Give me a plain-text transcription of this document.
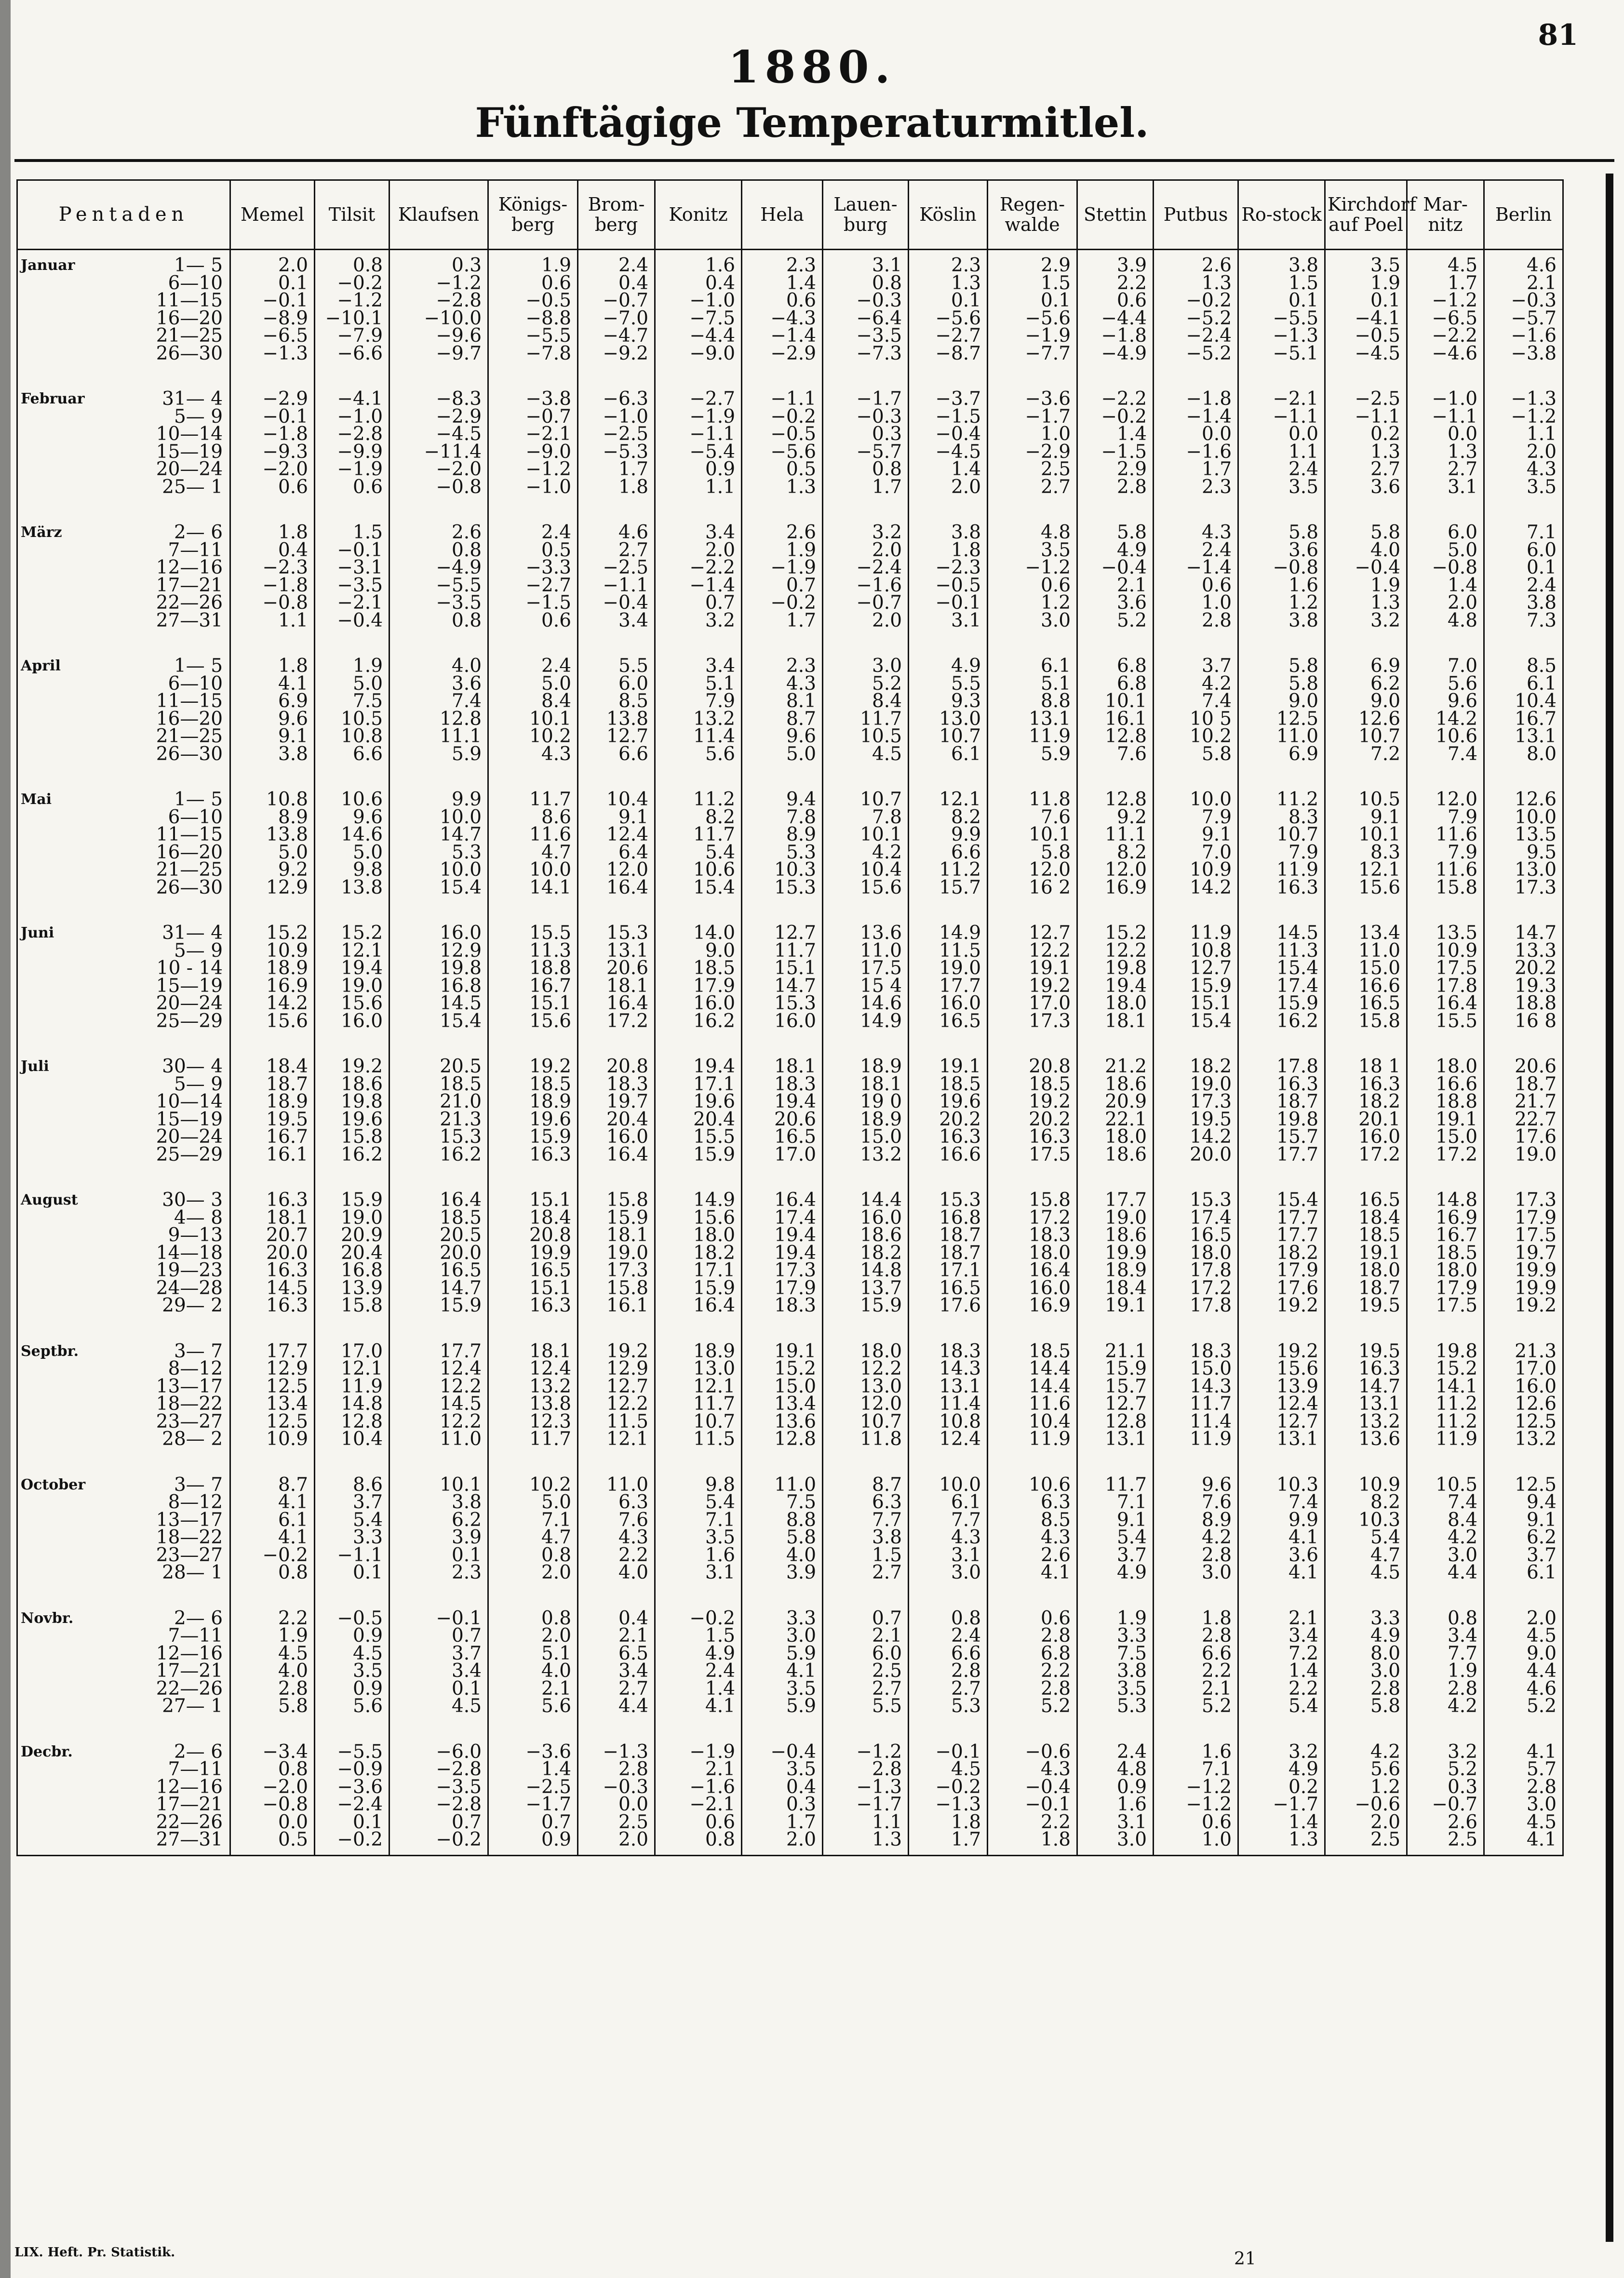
81
1880.
Fünftägige Temperaturmitlel.
Pentaden		Memel	Tilsit	Klaufsen	Königs-berg	Brom-berg	Konitz	Hela	Lauen-burg	Köslin	Regen-walde	Stettin	Putbus	Ro-stock	Kirchdorf auf Poel	Mar-nitz	Berlin
Januar	1— 5	2.0	0.8	0.3	1.9	2.4	1.6	2.3	3.1	2.3	2.9	3.9	2.6	3.8	3.5	4.5	4.6
	6—10	0.1	−0.2	−1.2	0.6	0.4	0.4	1.4	0.8	1.3	1.5	2.2	1.3	1.5	1.9	1.7	2.1
	11—15	−0.1	−1.2	−2.8	−0.5	−0.7	−1.0	0.6	−0.3	0.1	0.1	0.6	−0.2	0.1	0.1	−1.2	−0.3
	16—20	−8.9	−10.1	−10.0	−8.8	−7.0	−7.5	−4.3	−6.4	−5.6	−5.6	−4.4	−5.2	−5.5	−4.1	−6.5	−5.7
	21—25	−6.5	−7.9	−9.6	−5.5	−4.7	−4.4	−1.4	−3.5	−2.7	−1.9	−1.8	−2.4	−1.3	−0.5	−2.2	−1.6
	26—30	−1.3	−6.6	−9.7	−7.8	−9.2	−9.0	−2.9	−7.3	−8.7	−7.7	−4.9	−5.2	−5.1	−4.5	−4.6	−3.8
Februar	31— 4	−2.9	−4.1	−8.3	−3.8	−6.3	−2.7	−1.1	−1.7	−3.7	−3.6	−2.2	−1.8	−2.1	−2.5	−1.0	−1.3
	5— 9	−0.1	−1.0	−2.9	−0.7	−1.0	−1.9	−0.2	−0.3	−1.5	−1.7	−0.2	−1.4	−1.1	−1.1	−1.1	−1.2
	10—14	−1.8	−2.8	−4.5	−2.1	−2.5	−1.1	−0.5	0.3	−0.4	1.0	1.4	0.0	0.0	0.2	0.0	1.1
	15—19	−9.3	−9.9	−11.4	−9.0	−5.3	−5.4	−5.6	−5.7	−4.5	−2.9	−1.5	−1.6	1.1	1.3	1.3	2.0
	20—24	−2.0	−1.9	−2.0	−1.2	1.7	0.9	0.5	0.8	1.4	2.5	2.9	1.7	2.4	2.7	2.7	4.3
	25— 1	0.6	0.6	−0.8	−1.0	1.8	1.1	1.3	1.7	2.0	2.7	2.8	2.3	3.5	3.6	3.1	3.5
März	2— 6	1.8	1.5	2.6	2.4	4.6	3.4	2.6	3.2	3.8	4.8	5.8	4.3	5.8	5.8	6.0	7.1
	7—11	0.4	−0.1	0.8	0.5	2.7	2.0	1.9	2.0	1.8	3.5	4.9	2.4	3.6	4.0	5.0	6.0
	12—16	−2.3	−3.1	−4.9	−3.3	−2.5	−2.2	−1.9	−2.4	−2.3	−1.2	−0.4	−1.4	−0.8	−0.4	−0.8	0.1
	17—21	−1.8	−3.5	−5.5	−2.7	−1.1	−1.4	0.7	−1.6	−0.5	0.6	2.1	0.6	1.6	1.9	1.4	2.4
	22—26	−0.8	−2.1	−3.5	−1.5	−0.4	0.7	−0.2	−0.7	−0.1	1.2	3.6	1.0	1.2	1.3	2.0	3.8
	27—31	1.1	−0.4	0.8	0.6	3.4	3.2	1.7	2.0	3.1	3.0	5.2	2.8	3.8	3.2	4.8	7.3
April	1— 5	1.8	1.9	4.0	2.4	5.5	3.4	2.3	3.0	4.9	6.1	6.8	3.7	5.8	6.9	7.0	8.5
	6—10	4.1	5.0	3.6	5.0	6.0	5.1	4.3	5.2	5.5	5.1	6.8	4.2	5.8	6.2	5.6	6.1
	11—15	6.9	7.5	7.4	8.4	8.5	7.9	8.1	8.4	9.3	8.8	10.1	7.4	9.0	9.0	9.6	10.4
	16—20	9.6	10.5	12.8	10.1	13.8	13.2	8.7	11.7	13.0	13.1	16.1	10 5	12.5	12.6	14.2	16.7
	21—25	9.1	10.8	11.1	10.2	12.7	11.4	9.6	10.5	10.7	11.9	12.8	10.2	11.0	10.7	10.6	13.1
	26—30	3.8	6.6	5.9	4.3	6.6	5.6	5.0	4.5	6.1	5.9	7.6	5.8	6.9	7.2	7.4	8.0
Mai	1— 5	10.8	10.6	9.9	11.7	10.4	11.2	9.4	10.7	12.1	11.8	12.8	10.0	11.2	10.5	12.0	12.6
	6—10	8.9	9.6	10.0	8.6	9.1	8.2	7.8	7.8	8.2	7.6	9.2	7.9	8.3	9.1	7.9	10.0
	11—15	13.8	14.6	14.7	11.6	12.4	11.7	8.9	10.1	9.9	10.1	11.1	9.1	10.7	10.1	11.6	13.5
	16—20	5.0	5.0	5.3	4.7	6.4	5.4	5.3	4.2	6.6	5.8	8.2	7.0	7.9	8.3	7.9	9.5
	21—25	9.2	9.8	10.0	10.0	12.0	10.6	10.3	10.4	11.2	12.0	12.0	10.9	11.9	12.1	11.6	13.0
	26—30	12.9	13.8	15.4	14.1	16.4	15.4	15.3	15.6	15.7	16 2	16.9	14.2	16.3	15.6	15.8	17.3
Juni	31— 4	15.2	15.2	16.0	15.5	15.3	14.0	12.7	13.6	14.9	12.7	15.2	11.9	14.5	13.4	13.5	14.7
	5— 9	10.9	12.1	12.9	11.3	13.1	9.0	11.7	11.0	11.5	12.2	12.2	10.8	11.3	11.0	10.9	13.3
	10 - 14	18.9	19.4	19.8	18.8	20.6	18.5	15.1	17.5	19.0	19.1	19.8	12.7	15.4	15.0	17.5	20.2
	15—19	16.9	19.0	16.8	16.7	18.1	17.9	14.7	15 4	17.7	19.2	19.4	15.9	17.4	16.6	17.8	19.3
	20—24	14.2	15.6	14.5	15.1	16.4	16.0	15.3	14.6	16.0	17.0	18.0	15.1	15.9	16.5	16.4	18.8
	25—29	15.6	16.0	15.4	15.6	17.2	16.2	16.0	14.9	16.5	17.3	18.1	15.4	16.2	15.8	15.5	16 8
Juli	30— 4	18.4	19.2	20.5	19.2	20.8	19.4	18.1	18.9	19.1	20.8	21.2	18.2	17.8	18 1	18.0	20.6
	5— 9	18.7	18.6	18.5	18.5	18.3	17.1	18.3	18.1	18.5	18.5	18.6	19.0	16.3	16.3	16.6	18.7
	10—14	18.9	19.8	21.0	18.9	19.7	19.6	19.4	19 0	19.6	19.2	20.9	17.3	18.7	18.2	18.8	21.7
	15—19	19.5	19.6	21.3	19.6	20.4	20.4	20.6	18.9	20.2	20.2	22.1	19.5	19.8	20.1	19.1	22.7
	20—24	16.7	15.8	15.3	15.9	16.0	15.5	16.5	15.0	16.3	16.3	18.0	14.2	15.7	16.0	15.0	17.6
	25—29	16.1	16.2	16.2	16.3	16.4	15.9	17.0	13.2	16.6	17.5	18.6	20.0	17.7	17.2	17.2	19.0
August	30— 3	16.3	15.9	16.4	15.1	15.8	14.9	16.4	14.4	15.3	15.8	17.7	15.3	15.4	16.5	14.8	17.3
	4— 8	18.1	19.0	18.5	18.4	15.9	15.6	17.4	16.0	16.8	17.2	19.0	17.4	17.7	18.4	16.9	17.9
	9—13	20.7	20.9	20.5	20.8	18.1	18.0	19.4	18.6	18.7	18.3	18.6	16.5	17.7	18.5	16.7	17.5
	14—18	20.0	20.4	20.0	19.9	19.0	18.2	19.4	18.2	18.7	18.0	19.9	18.0	18.2	19.1	18.5	19.7
	19—23	16.3	16.8	16.5	16.5	17.3	17.1	17.3	14.8	17.1	16.4	18.9	17.8	17.9	18.0	18.0	19.9
	24—28	14.5	13.9	14.7	15.1	15.8	15.9	17.9	13.7	16.5	16.0	18.4	17.2	17.6	18.7	17.9	19.9
	29— 2	16.3	15.8	15.9	16.3	16.1	16.4	18.3	15.9	17.6	16.9	19.1	17.8	19.2	19.5	17.5	19.2
Septbr.	3— 7	17.7	17.0	17.7	18.1	19.2	18.9	19.1	18.0	18.3	18.5	21.1	18.3	19.2	19.5	19.8	21.3
	8—12	12.9	12.1	12.4	12.4	12.9	13.0	15.2	12.2	14.3	14.4	15.9	15.0	15.6	16.3	15.2	17.0
	13—17	12.5	11.9	12.2	13.2	12.7	12.1	15.0	13.0	13.1	14.4	15.7	14.3	13.9	14.7	14.1	16.0
	18—22	13.4	14.8	14.5	13.8	12.2	11.7	13.4	12.0	11.4	11.6	12.7	11.7	12.4	13.1	11.2	12.6
	23—27	12.5	12.8	12.2	12.3	11.5	10.7	13.6	10.7	10.8	10.4	12.8	11.4	12.7	13.2	11.2	12.5
	28— 2	10.9	10.4	11.0	11.7	12.1	11.5	12.8	11.8	12.4	11.9	13.1	11.9	13.1	13.6	11.9	13.2
October	3— 7	8.7	8.6	10.1	10.2	11.0	9.8	11.0	8.7	10.0	10.6	11.7	9.6	10.3	10.9	10.5	12.5
	8—12	4.1	3.7	3.8	5.0	6.3	5.4	7.5	6.3	6.1	6.3	7.1	7.6	7.4	8.2	7.4	9.4
	13—17	6.1	5.4	6.2	7.1	7.6	7.1	8.8	7.7	7.7	8.5	9.1	8.9	9.9	10.3	8.4	9.1
	18—22	4.1	3.3	3.9	4.7	4.3	3.5	5.8	3.8	4.3	4.3	5.4	4.2	4.1	5.4	4.2	6.2
	23—27	−0.2	−1.1	0.1	0.8	2.2	1.6	4.0	1.5	3.1	2.6	3.7	2.8	3.6	4.7	3.0	3.7
	28— 1	0.8	0.1	2.3	2.0	4.0	3.1	3.9	2.7	3.0	4.1	4.9	3.0	4.1	4.5	4.4	6.1
Novbr.	2— 6	2.2	−0.5	−0.1	0.8	0.4	−0.2	3.3	0.7	0.8	0.6	1.9	1.8	2.1	3.3	0.8	2.0
	7—11	1.9	0.9	0.7	2.0	2.1	1.5	3.0	2.1	2.4	2.8	3.3	2.8	3.4	4.9	3.4	4.5
	12—16	4.5	4.5	3.7	5.1	6.5	4.9	5.9	6.0	6.6	6.8	7.5	6.6	7.2	8.0	7.7	9.0
	17—21	4.0	3.5	3.4	4.0	3.4	2.4	4.1	2.5	2.8	2.2	3.8	2.2	1.4	3.0	1.9	4.4
	22—26	2.8	0.9	0.1	2.1	2.7	1.4	3.5	2.7	2.7	2.8	3.5	2.1	2.2	2.8	2.8	4.6
	27— 1	5.8	5.6	4.5	5.6	4.4	4.1	5.9	5.5	5.3	5.2	5.3	5.2	5.4	5.8	4.2	5.2
Decbr.	2— 6	−3.4	−5.5	−6.0	−3.6	−1.3	−1.9	−0.4	−1.2	−0.1	−0.6	2.4	1.6	3.2	4.2	3.2	4.1
	7—11	0.8	−0.9	−2.8	1.4	2.8	2.1	3.5	2.8	4.5	4.3	4.8	7.1	4.9	5.6	5.2	5.7
	12—16	−2.0	−3.6	−3.5	−2.5	−0.3	−1.6	0.4	−1.3	−0.2	−0.4	0.9	−1.2	0.2	1.2	0.3	2.8
	17—21	−0.8	−2.4	−2.8	−1.7	0.0	−2.1	0.3	−1.7	−1.3	−0.1	1.6	−1.2	−1.7	−0.6	−0.7	3.0
	22—26	0.0	0.1	0.7	0.7	2.5	0.6	1.7	1.1	1.8	2.2	3.1	0.6	1.4	2.0	2.6	4.5
	27—31	0.5	−0.2	−0.2	0.9	2.0	0.8	2.0	1.3	1.7	1.8	3.0	1.0	1.3	2.5	2.5	4.1
LIX. Heft. Pr. Statistik.	21
